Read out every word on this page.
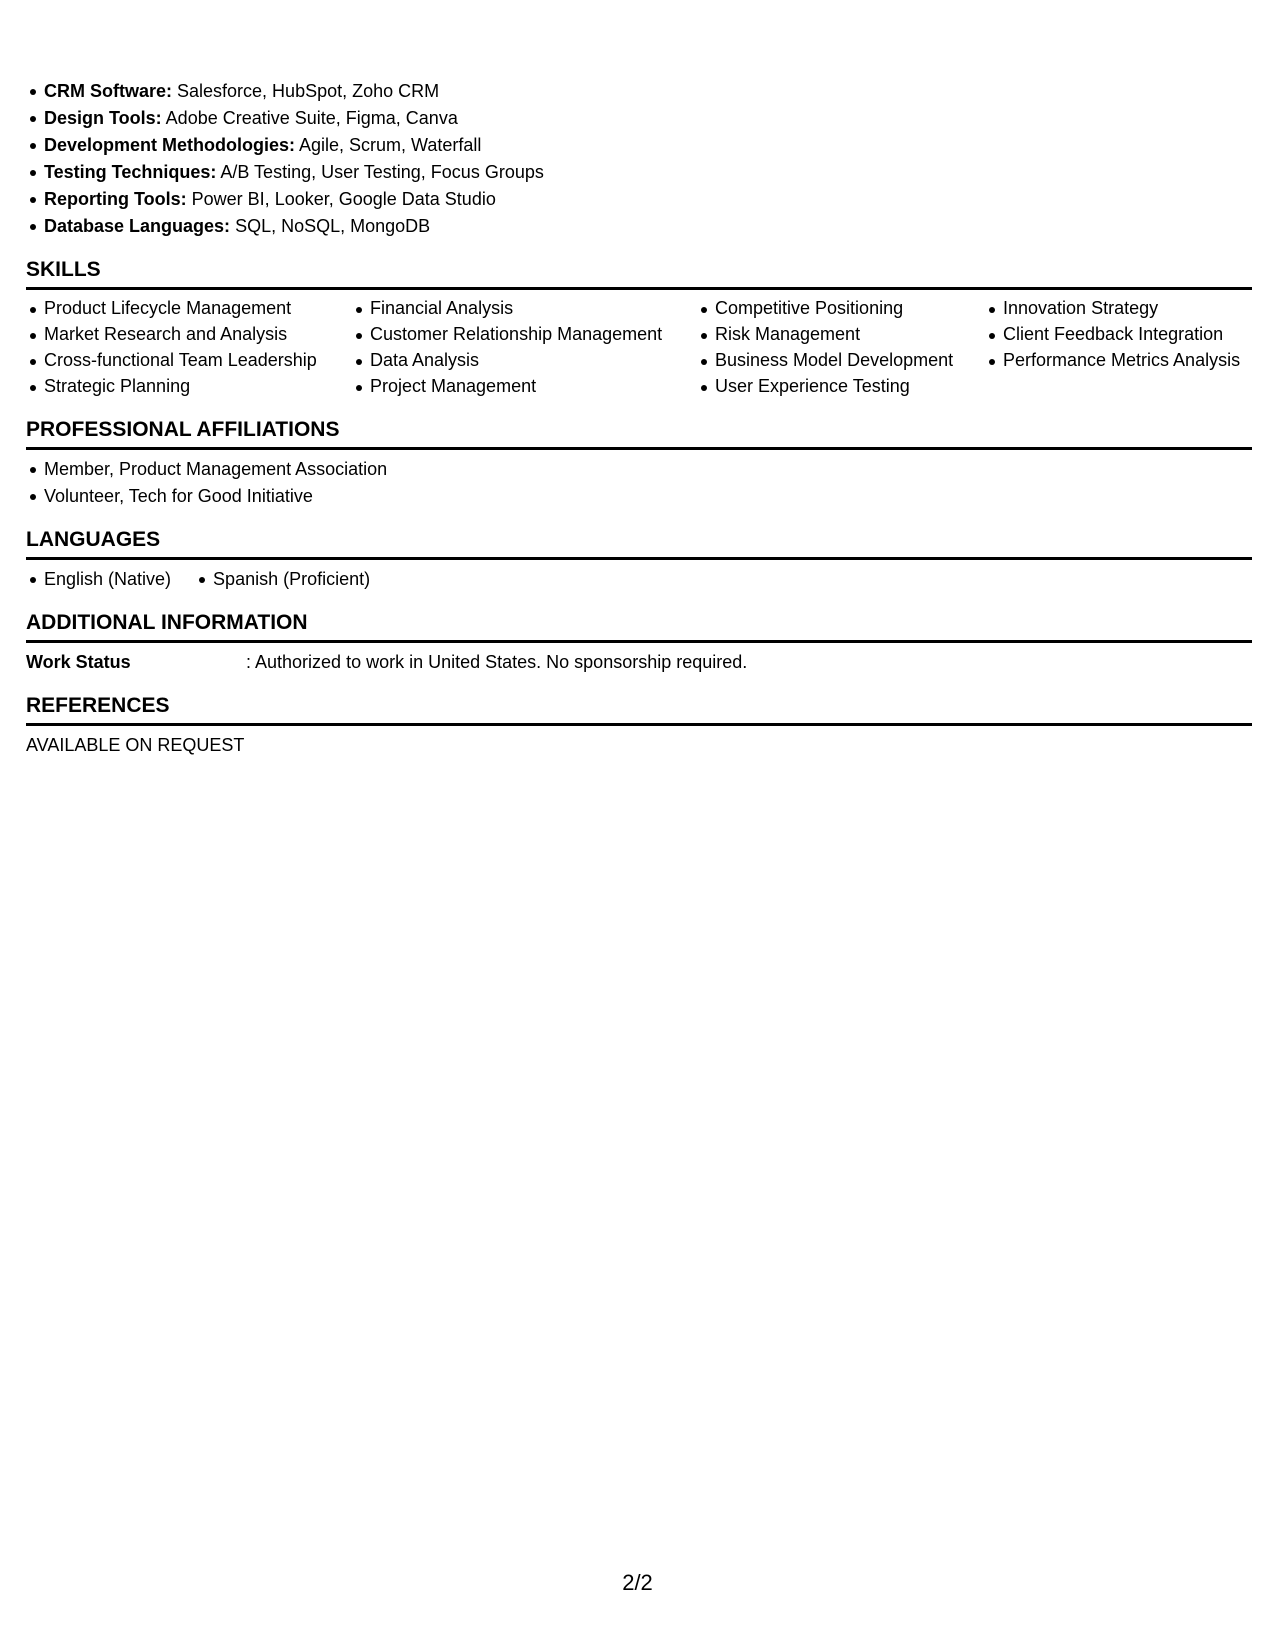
CRM Software: Salesforce, HubSpot, Zoho CRM
Design Tools: Adobe Creative Suite, Figma, Canva
Development Methodologies: Agile, Scrum, Waterfall
Testing Techniques: A/B Testing, User Testing, Focus Groups
Reporting Tools: Power BI, Looker, Google Data Studio
Database Languages: SQL, NoSQL, MongoDB
SKILLS
Product Lifecycle Management
Market Research and Analysis
Cross-functional Team Leadership
Strategic Planning
Financial Analysis
Customer Relationship Management
Data Analysis
Project Management
Competitive Positioning
Risk Management
Business Model Development
User Experience Testing
Innovation Strategy
Client Feedback Integration
Performance Metrics Analysis
PROFESSIONAL AFFILIATIONS
Member, Product Management Association
Volunteer, Tech for Good Initiative
LANGUAGES
English (Native) Spanish (Proficient)
ADDITIONAL INFORMATION
Work Status	: Authorized to work in United States. No sponsorship required.
REFERENCES
AVAILABLE ON REQUEST
2/2
